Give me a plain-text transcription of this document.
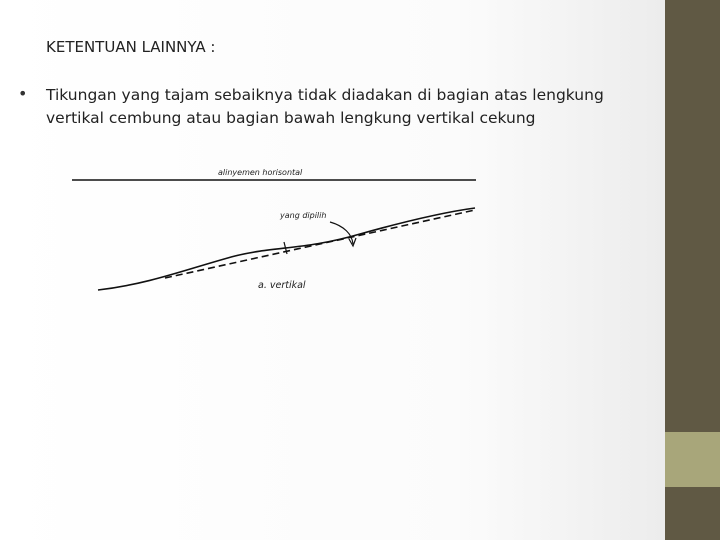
KETENTUAN LAINNYA :
• Tikungan yang tajam sebaiknya tidak diadakan di bagian atas lengkung vertikal cembung atau bagian bawah lengkung vertikal cekung
alinyemen horisontal
yang dipilih
a. vertikal
